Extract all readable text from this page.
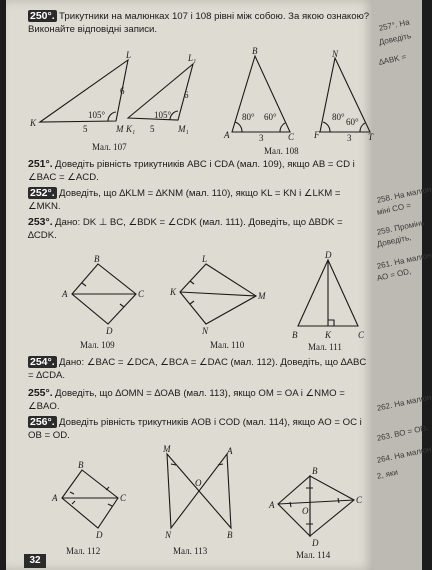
250°. Трикутники на малюнках 107 і 108 рівні між собою. За якою ознакою? Виконайте відповідні записи.
K
L
M K₁
L₁
M₁
105°
6
5
105°
6
5
Мал. 107
B
A	C
N
F	T
80° 60°
3
80° 60°
3
Мал. 108
251°. Доведіть рівність трикутників ABC і CDA (мал. 109), якщо AB = CD і ∠BAC = ∠ACD.
252°. Доведіть, що ∆KLM = ∆KNM (мал. 110), якщо KL = KN і ∠LKM = ∠MKN.
253°. Дано: DK ⊥ BC, ∠BDK = ∠CDK (мал. 111). Доведіть, що ∆BDK = ∆CDK.
B
A	C
D
Мал. 109
L
K	M
N
Мал. 110
D
B	K	C
Мал. 111
254°. Дано: ∠BAC = ∠DCA, ∠BCA = ∠DAC (мал. 112). Доведіть, що ∆ABC = ∆CDA.
255°. Доведіть, що ∆OMN = ∆OAB (мал. 113), якщо OM = OA і ∠NMO = ∠BAO.
256°. Доведіть рівність трикутників AOB і COD (мал. 114), якщо AO = OC і OB = OD.
B
A	C
D
Мал. 112
M	A
O
N	B
Мал. 113
B
A
O
C
D
Мал. 114
32
257°. На
Доведіть
∆ABK =
258. На малюн
міні CO =
259. Промінь
Доведіть,
261. На малюн
AO = OD,
262. На малюн
263. ВО = OD,
264. На малюн
2, яки
